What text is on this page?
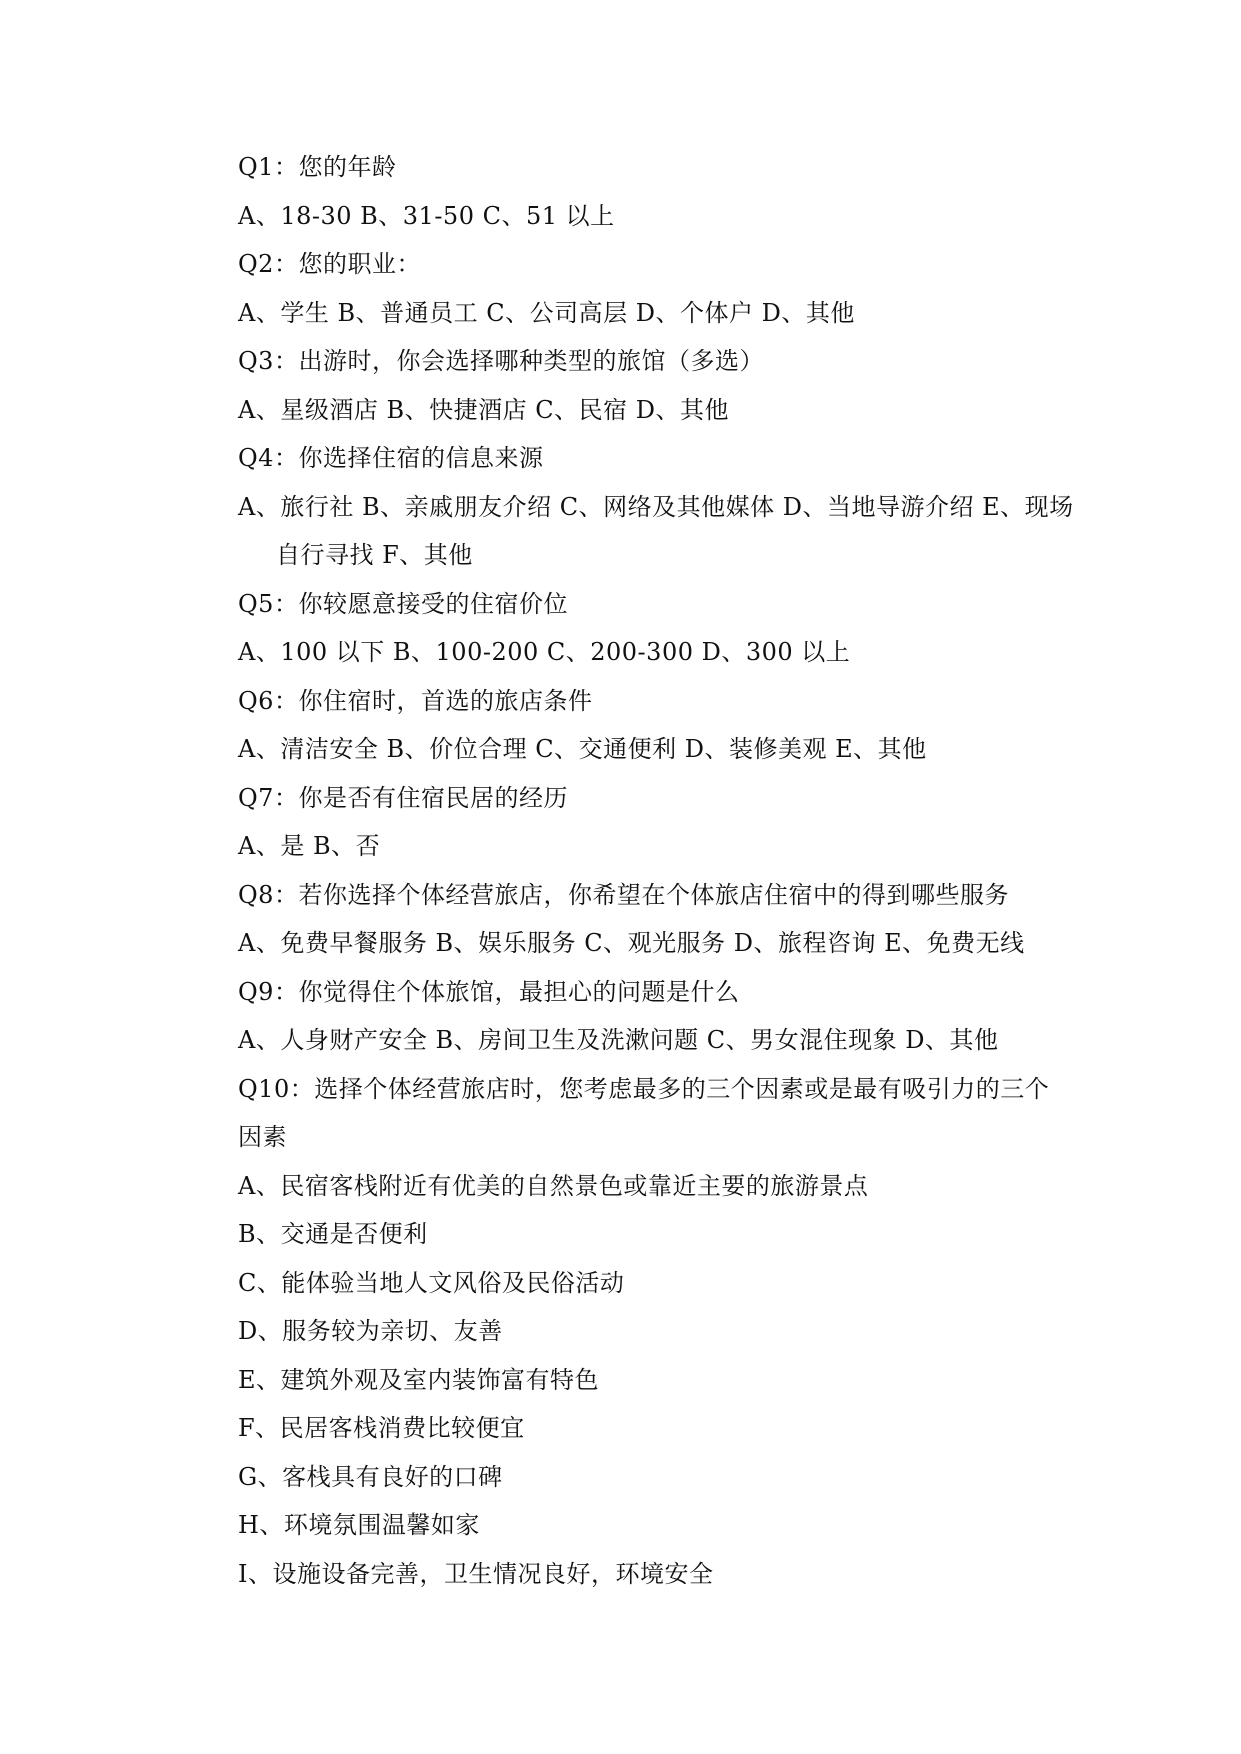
Q1：您的年龄
A、18-30 B、31-50 C、51 以上
Q2：您的职业：
A、学生 B、普通员工 C、公司高层 D、个体户 D、其他
Q3：出游时，你会选择哪种类型的旅馆（多选）
A、星级酒店 B、快捷酒店 C、民宿 D、其他
Q4：你选择住宿的信息来源
A、旅行社 B、亲戚朋友介绍 C、网络及其他媒体 D、当地导游介绍 E、现场
自行寻找 F、其他
Q5：你较愿意接受的住宿价位
A、100 以下 B、100-200 C、200-300 D、300 以上
Q6：你住宿时，首选的旅店条件
A、清洁安全 B、价位合理 C、交通便利 D、装修美观 E、其他
Q7：你是否有住宿民居的经历
A、是 B、否
Q8：若你选择个体经营旅店，你希望在个体旅店住宿中的得到哪些服务
A、免费早餐服务 B、娱乐服务 C、观光服务 D、旅程咨询 E、免费无线
Q9：你觉得住个体旅馆，最担心的问题是什么
A、人身财产安全 B、房间卫生及洗漱问题 C、男女混住现象 D、其他
Q10：选择个体经营旅店时，您考虑最多的三个因素或是最有吸引力的三个
因素
A、民宿客栈附近有优美的自然景色或靠近主要的旅游景点
B、交通是否便利
C、能体验当地人文风俗及民俗活动
D、服务较为亲切、友善
E、建筑外观及室内装饰富有特色
F、民居客栈消费比较便宜
G、客栈具有良好的口碑
H、环境氛围温馨如家
I、设施设备完善，卫生情况良好，环境安全
